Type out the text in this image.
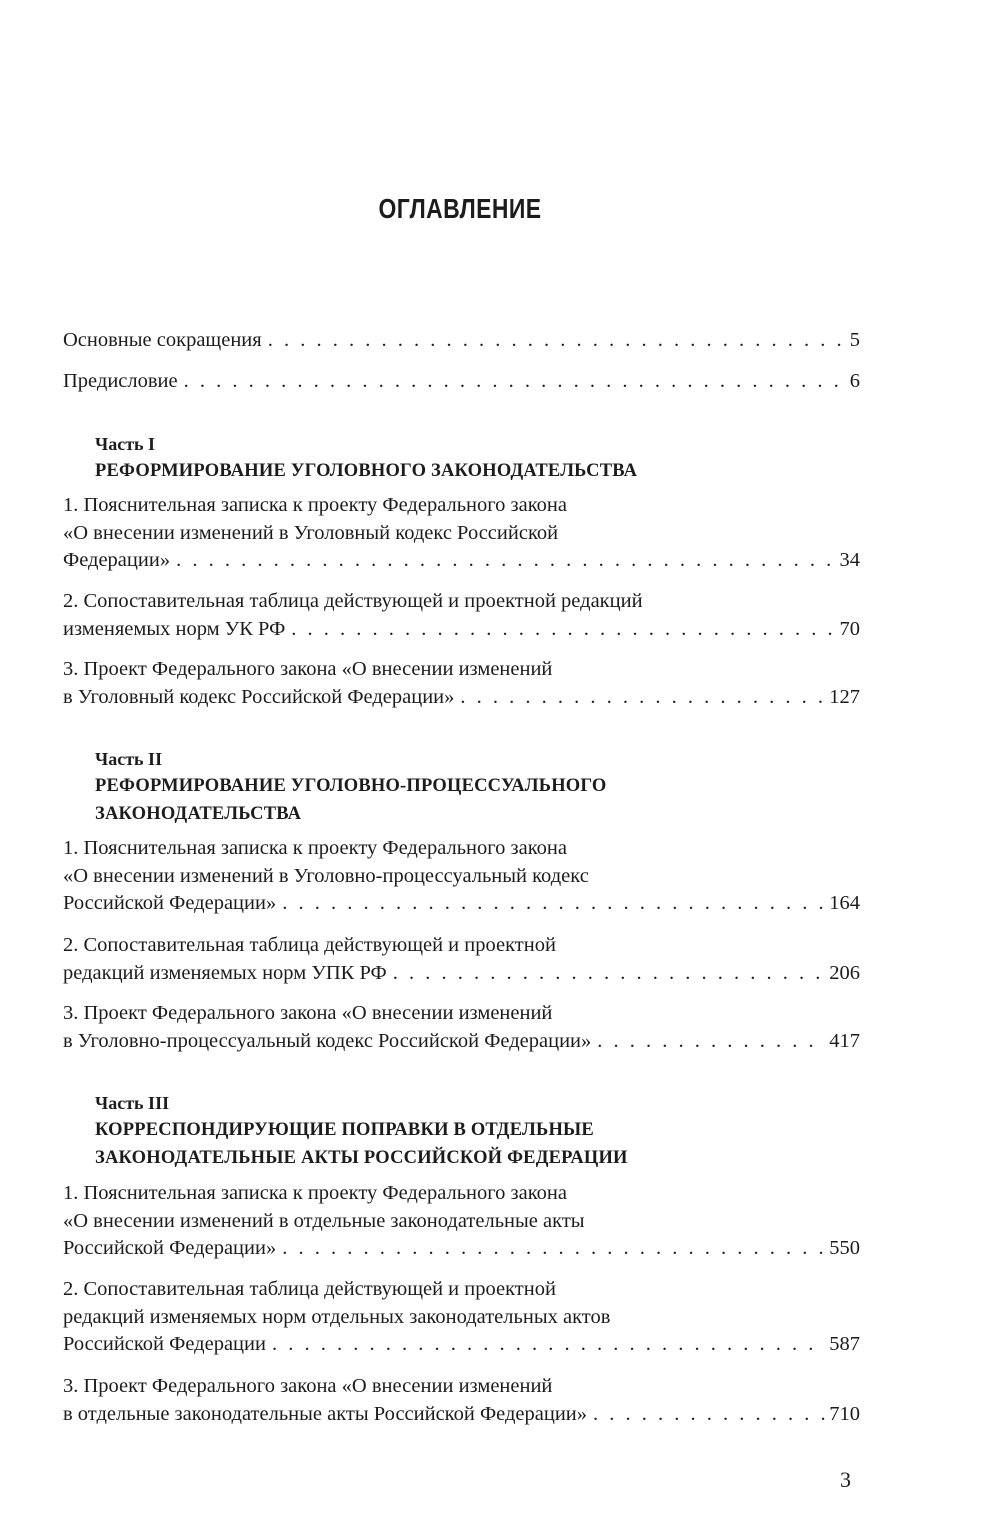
ОГЛАВЛЕНИЕ
Основные сокращения . . .	5
Предисловие . . .	6
Часть I
РЕФОРМИРОВАНИЕ УГОЛОВНОГО ЗАКОНОДАТЕЛЬСТВА
1. Пояснительная записка к проекту Федерального закона
«О внесении изменений в Уголовный кодекс Российской
Федерации» . . .	34
2. Сопоставительная таблица действующей и проектной редакций
изменяемых норм УК РФ . . .	70
3. Проект Федерального закона «О внесении изменений
в Уголовный кодекс Российской Федерации» . . .	127
Часть II
РЕФОРМИРОВАНИЕ УГОЛОВНО-ПРОЦЕССУАЛЬНОГО
ЗАКОНОДАТЕЛЬСТВА
1. Пояснительная записка к проекту Федерального закона
«О внесении изменений в Уголовно-процессуальный кодекс
Российской Федерации» . . .	164
2. Сопоставительная таблица действующей и проектной
редакций изменяемых норм УПК РФ . . .	206
3. Проект Федерального закона «О внесении изменений
в Уголовно-процессуальный кодекс Российской Федерации» . . .	417
Часть III
КОРРЕСПОНДИРУЮЩИЕ ПОПРАВКИ В ОТДЕЛЬНЫЕ
ЗАКОНОДАТЕЛЬНЫЕ АКТЫ РОССИЙСКОЙ ФЕДЕРАЦИИ
1. Пояснительная записка к проекту Федерального закона
«О внесении изменений в отдельные законодательные акты
Российской Федерации» . . .	550
2. Сопоставительная таблица действующей и проектной
редакций изменяемых норм отдельных законодательных актов
Российской Федерации . . .	587
3. Проект Федерального закона «О внесении изменений
в отдельные законодательные акты Российской Федерации» . . .	710
3
